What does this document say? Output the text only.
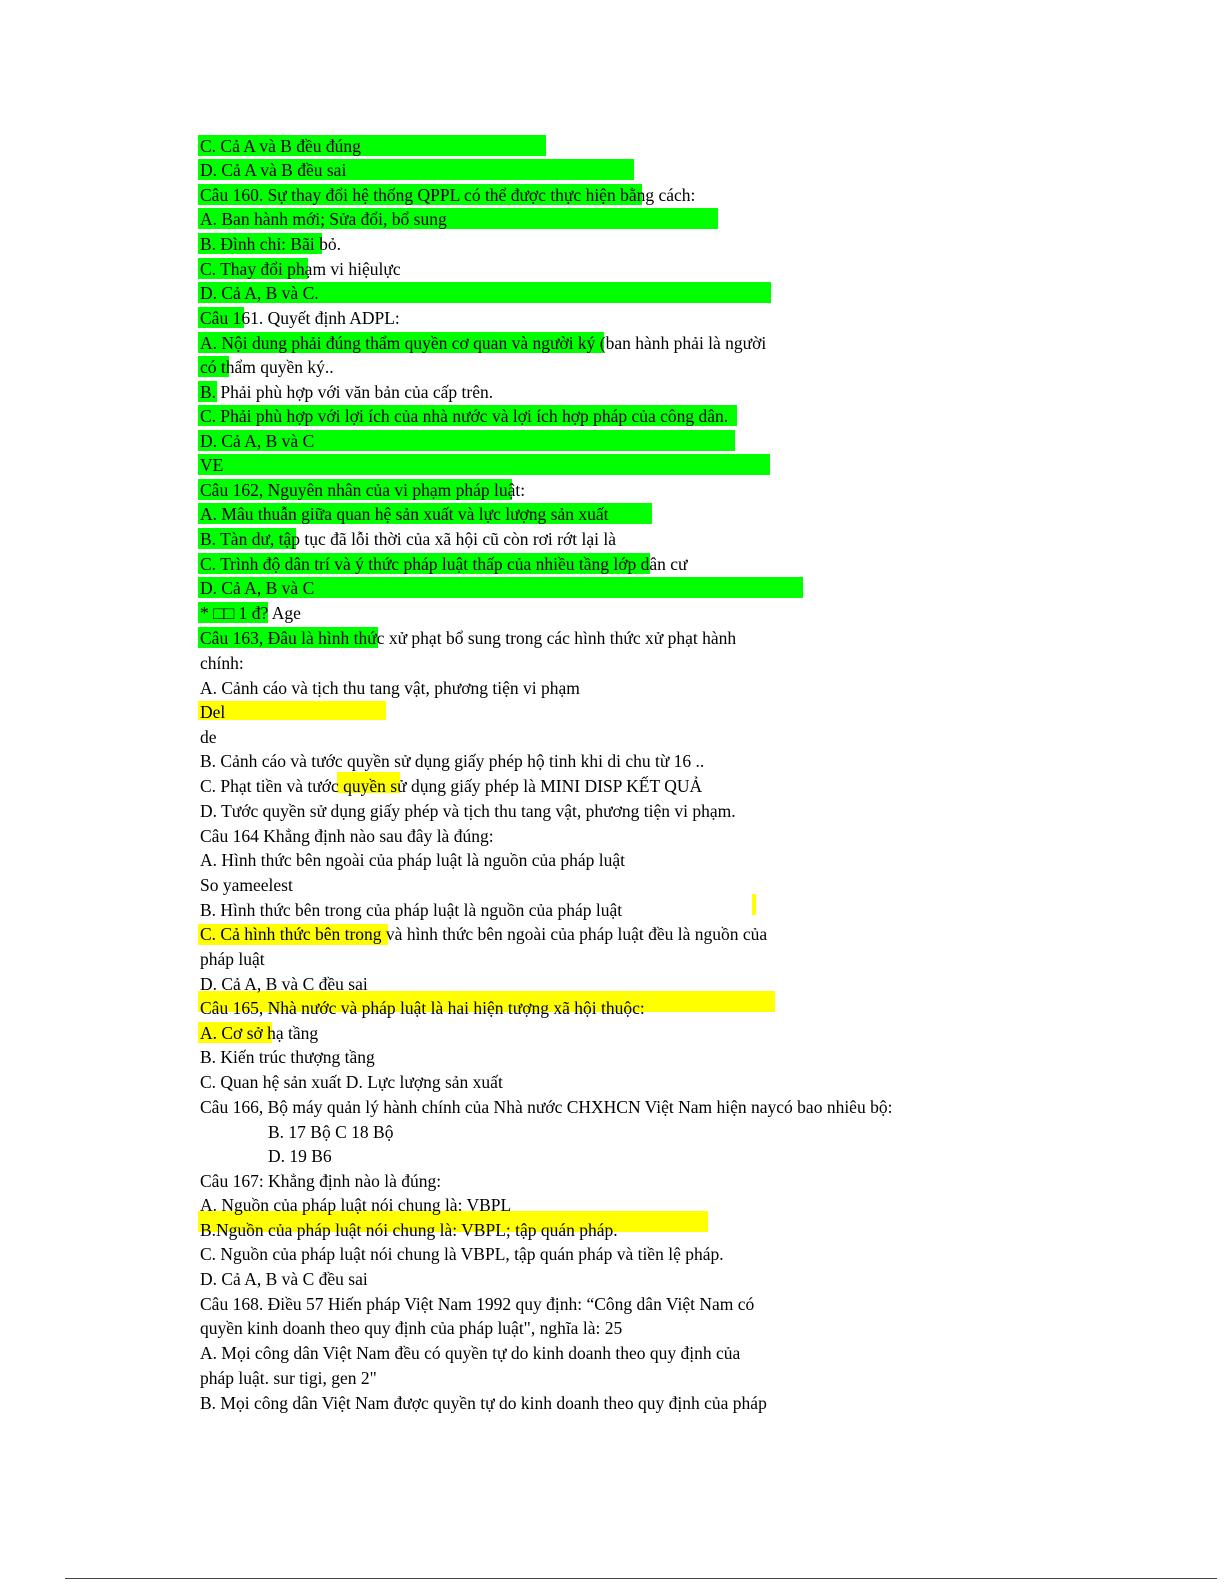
C. Cả A và B đều đúng
D. Cả A và B đều sai
Câu 160. Sự thay đổi hệ thống QPPL có thể được thực hiện bằng cách:
A. Ban hành mới; Sửa đổi, bổ sung
B. Đình chỉ: Bãi bỏ.
C. Thay đổi phạm vi hiệulực
D. Cả A, B và C.
Câu 161. Quyết định ADPL:
A. Nội dung phải đúng thẩm quyền cơ quan và người ký (ban hành phải là người
có thẩm quyền ký..
B. Phải phù hợp với văn bản của cấp trên.
C. Phải phù hợp với lợi ích của nhà nước và lợi ích hợp pháp của công dân.
D. Cả A, B và C
VE
Câu 162, Nguyên nhân của vi phạm pháp luật:
A. Mâu thuẫn giữa quan hệ sản xuất và lực lượng sản xuất
B. Tàn dư, tập tục đã lỗi thời của xã hội cũ còn rơi rớt lại là
C. Trình độ dân trí và ý thức pháp luật thấp của nhiều tầng lớp dân cư
D. Cả A, B và C
* □□ 1 đ? Age
Câu 163, Đâu là hình thức xử phạt bổ sung trong các hình thức xử phạt hành
chính:
A. Cảnh cáo và tịch thu tang vật, phương tiện vi phạm
Del
de
B. Cảnh cáo và tước quyền sử dụng giấy phép hộ tinh khi di chu từ 16 ..
C. Phạt tiền và tước quyền sử dụng giấy phép là MINI DISP KẾT QUẢ
D. Tước quyền sử dụng giấy phép và tịch thu tang vật, phương tiện vi phạm.
Câu 164 Khẳng định nào sau đây là đúng:
A. Hình thức bên ngoài của pháp luật là nguồn của pháp luật
So yameelest
B. Hình thức bên trong của pháp luật là nguồn của pháp luật
C. Cả hình thức bên trong và hình thức bên ngoài của pháp luật đều là nguồn của
pháp luật
D. Cả A, B và C đều sai
Câu 165, Nhà nước và pháp luật là hai hiện tượng xã hội thuộc:
A. Cơ sở hạ tầng
B. Kiến trúc thượng tầng
C. Quan hệ sản xuất D. Lực lượng sản xuất
Câu 166, Bộ máy quản lý hành chính của Nhà nước CHXHCN Việt Nam hiện naycó bao nhiêu bộ:
B. 17 Bộ C 18 Bộ
D. 19 B6
Câu 167: Khẳng định nào là đúng:
A. Nguồn của pháp luật nói chung là: VBPL
B.Nguồn của pháp luật nói chung là: VBPL; tập quán pháp.
C. Nguồn của pháp luật nói chung là VBPL, tập quán pháp và tiền lệ pháp.
D. Cả A, B và C đều sai
Câu 168. Điều 57 Hiến pháp Việt Nam 1992 quy định: “Công dân Việt Nam có
quyền kinh doanh theo quy định của pháp luật", nghĩa là: 25
A. Mọi công dân Việt Nam đều có quyền tự do kinh doanh theo quy định của
pháp luật. sur tigi, gen 2"
B. Mọi công dân Việt Nam được quyền tự do kinh doanh theo quy định của pháp
